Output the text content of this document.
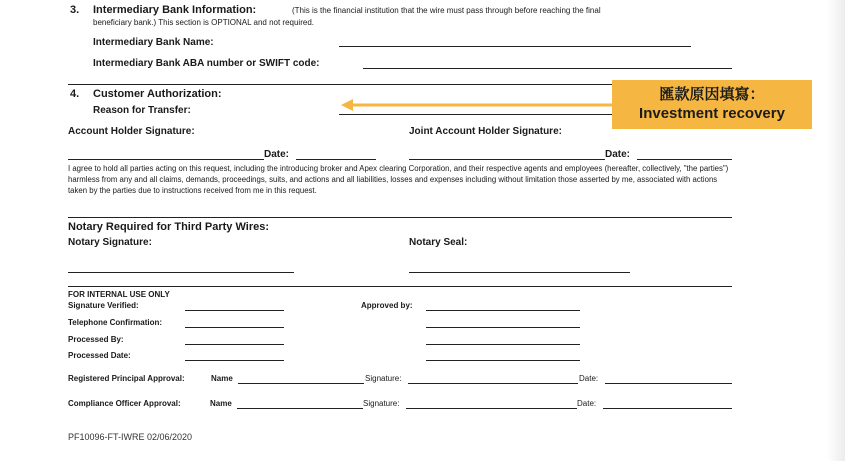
3. Intermediary Bank Information:	(This is the financial institution that the wire must pass through before reaching the final
beneficiary bank.) This section is OPTIONAL and not required.
Intermediary Bank Name:
Intermediary Bank ABA number or SWIFT code:
4. Customer Authorization:
Reason for Transfer:
匯款原因填寫：
Investment recovery
Account Holder Signature:	Joint Account Holder Signature:
Date:	Date:

I agree to hold all parties acting on this request, including the introducing broker and Apex clearing Corporation, and their respective agents and employees (hereafter, collectively, "the parties") harmless from any and all claims, demands, proceedings, suits, and actions and all liabilities, losses and expenses including without limitation those asserted by me, associated with actions taken by the parties due to instructions received from me in this request.

Notary Required for Third Party Wires:
Notary Signature:	Notary Seal:
FOR INTERNAL USE ONLY
Signature Verified:	Approved by:
Telephone Confirmation:
Processed By:
Processed Date:
Registered Principal Approval:	Name	Signature:	Date:
Compliance Officer Approval:	Name	Signature:	Date:
PF10096-FT-IWRE 02/06/2020
